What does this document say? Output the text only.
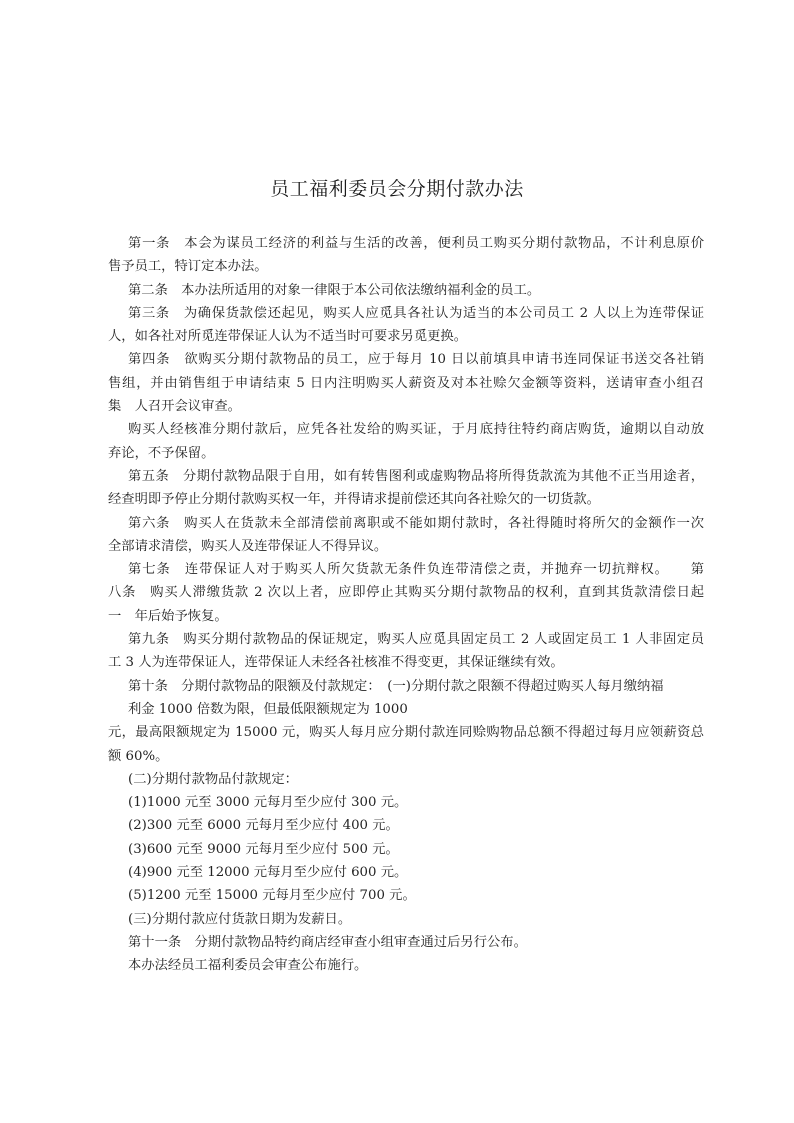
员工福利委员会分期付款办法
第一条　本会为谋员工经济的利益与生活的改善，便利员工购买分期付款物品，不计利息原价
售予员工，特订定本办法。
第二条　本办法所适用的对象一律限于本公司依法缴纳福利金的员工。
第三条　为确保货款偿还起见，购买人应觅具各社认为适当的本公司员工 2 人以上为连带保证
人，如各社对所觅连带保证人认为不适当时可要求另觅更换。
第四条　欲购买分期付款物品的员工，应于每月 10 日以前填具申请书连同保证书送交各社销
售组，并由销售组于申请结束 5 日内注明购买人薪资及对本社赊欠金额等资料，送请审查小组召
集　人召开会议审查。
购买人经核准分期付款后，应凭各社发给的购买证，于月底持往特约商店购货，逾期以自动放
弃论，不予保留。
第五条　分期付款物品限于自用，如有转售图利或虚购物品将所得货款流为其他不正当用途者，
经查明即予停止分期付款购买权一年，并得请求提前偿还其向各社赊欠的一切货款。
第六条　购买人在货款未全部清偿前离职或不能如期付款时，各社得随时将所欠的金额作一次
全部请求清偿，购买人及连带保证人不得异议。
第七条　连带保证人对于购买人所欠货款无条件负连带清偿之责，并抛弃一切抗辩权。　　第
八条　购买人滞缴货款 2 次以上者，应即停止其购买分期付款物品的权利，直到其货款清偿日起
一　年后始予恢复。
第九条　购买分期付款物品的保证规定，购买人应觅具固定员工 2 人或固定员工 1 人非固定员
工 3 人为连带保证人，连带保证人未经各社核准不得变更，其保证继续有效。
第十条　分期付款物品的限额及付款规定：　(一)分期付款之限额不得超过购买人每月缴纳福
利金 1000 倍数为限，但最低限额规定为 1000
元，最高限额规定为 15000 元，购买人每月应分期付款连同赊购物品总额不得超过每月应领薪资总
额 60%。
(二)分期付款物品付款规定：
(1)1000 元至 3000 元每月至少应付 300 元。
(2)300 元至 6000 元每月至少应付 400 元。
(3)600 元至 9000 元每月至少应付 500 元。
(4)900 元至 12000 元每月至少应付 600 元。
(5)1200 元至 15000 元每月至少应付 700 元。
(三)分期付款应付货款日期为发薪日。
第十一条　分期付款物品特约商店经审查小组审查通过后另行公布。
本办法经员工福利委员会审查公布施行。
